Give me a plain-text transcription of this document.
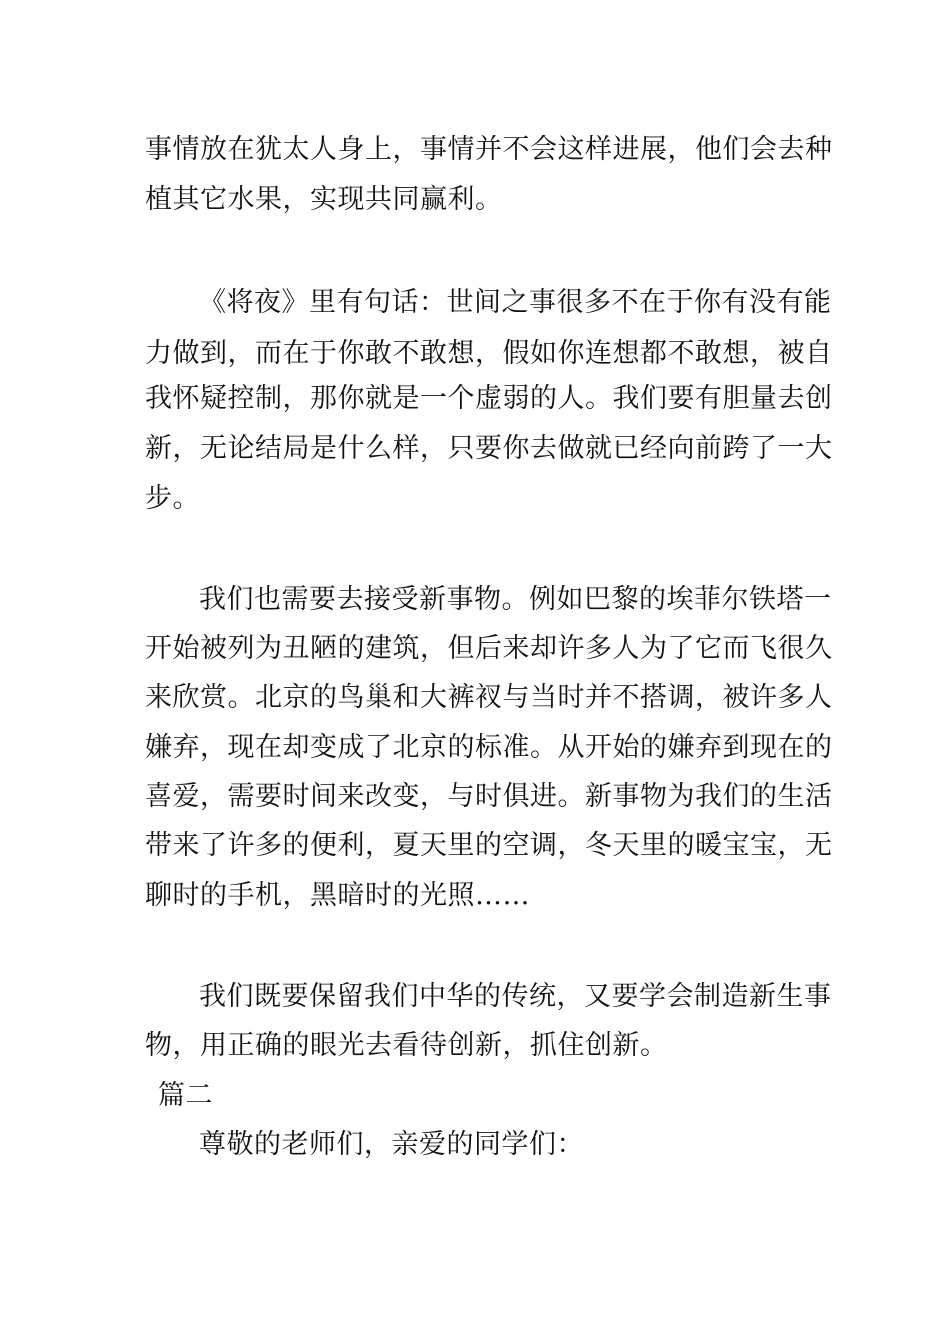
事情放在犹太人身上，事情并不会这样进展，他们会去种
植其它水果，实现共同赢利。
《将夜》里有句话：世间之事很多不在于你有没有能
力做到，而在于你敢不敢想，假如你连想都不敢想，被自
我怀疑控制，那你就是一个虚弱的人。我们要有胆量去创
新，无论结局是什么样，只要你去做就已经向前跨了一大
步。
我们也需要去接受新事物。例如巴黎的埃菲尔铁塔一
开始被列为丑陋的建筑，但后来却许多人为了它而飞很久
来欣赏。北京的鸟巢和大裤衩与当时并不搭调，被许多人
嫌弃，现在却变成了北京的标准。从开始的嫌弃到现在的
喜爱，需要时间来改变，与时俱进。新事物为我们的生活
带来了许多的便利，夏天里的空调，冬天里的暖宝宝，无
聊时的手机，黑暗时的光照……
我们既要保留我们中华的传统，又要学会制造新生事
物，用正确的眼光去看待创新，抓住创新。
篇二
尊敬的老师们，亲爱的同学们：
